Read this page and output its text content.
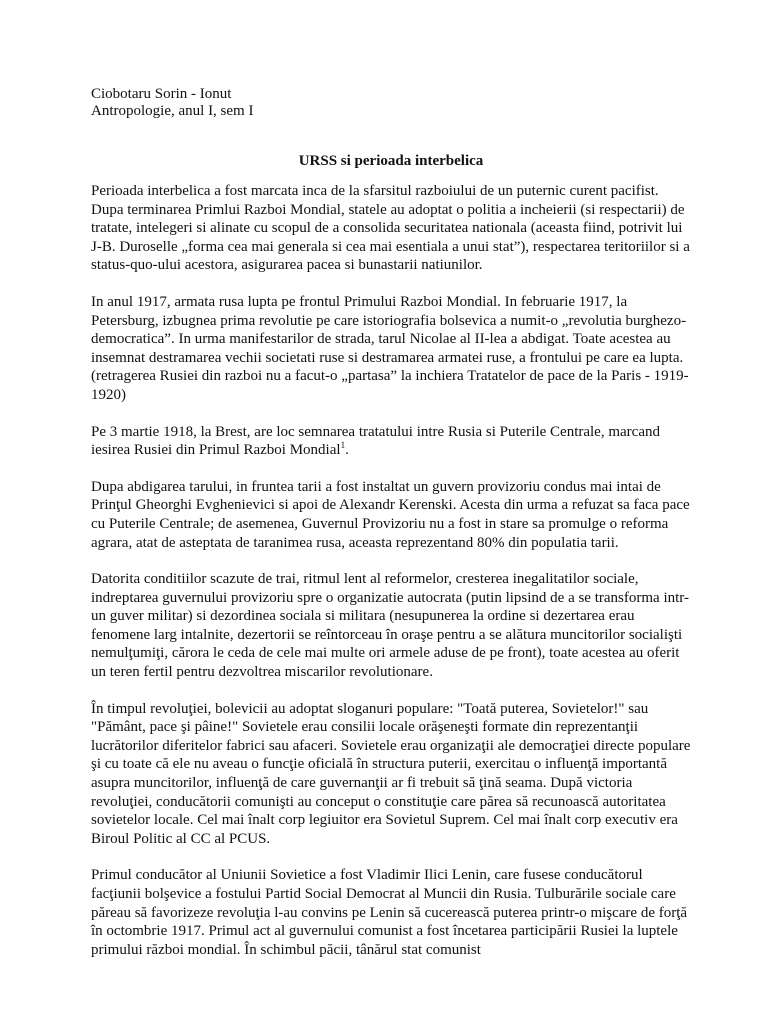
Ciobotaru Sorin - Ionut

Antropologie, anul I, sem I

URSS si perioada interbelica

Perioada interbelica a fost marcata inca de la sfarsitul razboiului de un puternic curent pacifist. Dupa terminarea Primlui Razboi Mondial, statele au adoptat o politia a incheierii (si respectarii) de tratate, intelegeri si alinate cu scopul de a consolida securitatea nationala (aceasta fiind, potrivit lui J-B. Duroselle „forma cea mai generala si cea mai esentiala a unui stat”), respectarea teritoriilor si a status-quo-ului acestora, asigurarea pacea si bunastarii natiunilor.

In anul 1917, armata rusa lupta pe frontul Primului Razboi Mondial. In februarie 1917, la Petersburg, izbugnea prima revolutie pe care istoriografia bolsevica a numit-o „revolutia burghezo-democratica”. In urma manifestarilor de strada, tarul Nicolae al II-lea a abdigat. Toate acestea au insemnat destramarea vechii societati ruse si destramarea armatei ruse, a frontului pe care ea lupta. (retragerea Rusiei din razboi nu a facut-o „partasa” la inchiera Tratatelor de pace de la Paris - 1919- 1920)

Pe 3 martie 1918, la Brest, are loc semnarea tratatului intre Rusia si Puterile Centrale, marcand iesirea Rusiei din Primul Razboi Mondial$^1$.

Dupa abdigarea tarului, in fruntea tarii a fost instaltat un guvern provizoriu condus mai intai de Prinţul Gheorghi Evghenievici si apoi de Alexandr Kerenski. Acesta din urma a refuzat sa faca pace cu Puterile Centrale; de asemenea, Guvernul Provizoriu nu a fost in stare sa promulge o reforma agrara, atat de asteptata de taranimea rusa, aceasta reprezentand 80% din populatia tarii.

Datorita conditiilor scazute de trai, ritmul lent al reformelor, cresterea inegalitatilor sociale, indreptarea guvernului provizoriu spre o organizatie autocrata (putin lipsind de a se transforma intr-un guver militar) si dezordinea sociala si militara (nesupunerea la ordine si dezertarea erau fenomene larg intalnite, dezertorii se reîntorceau în oraşe pentru a se alătura muncitorilor socialişti nemulţumiţi, cărora le ceda de cele mai multe ori armele aduse de pe front), toate acestea au oferit un teren fertil pentru dezvoltrea miscarilor revolutionare.

În timpul revoluţiei, bolevicii au adoptat sloganuri populare: "Toată puterea, Sovietelor!" sau "Pământ, pace şi pâine!" Sovietele erau consilii locale orăşeneşti formate din reprezentanţii lucrătorilor diferitelor fabrici sau afaceri. Sovietele erau organizaţii ale democraţiei directe populare şi cu toate că ele nu aveau o funcţie oficială în structura puterii, exercitau o influenţă importantă asupra muncitorilor, influenţă de care guvernanţii ar fi trebuit să ţină seama. După victoria revoluţiei, conducătorii comunişti au conceput o constituţie care părea să recunoască autoritatea sovietelor locale. Cel mai înalt corp legiuitor era Sovietul Suprem. Cel mai înalt corp executiv era Biroul Politic al CC al PCUS.

Primul conducător al Uniunii Sovietice a fost Vladimir Ilici Lenin, care fusese conducătorul facţiunii bolşevice a fostului Partid Social Democrat al Muncii din Rusia. Tulburările sociale care păreau să favorizeze revoluţia l-au convins pe Lenin să cucerească puterea printr-o mişcare de forţă în octombrie 1917. Primul act al guvernului comunist a fost încetarea participării Rusiei la luptele primului război mondial. În schimbul păcii, tânărul stat comunist
